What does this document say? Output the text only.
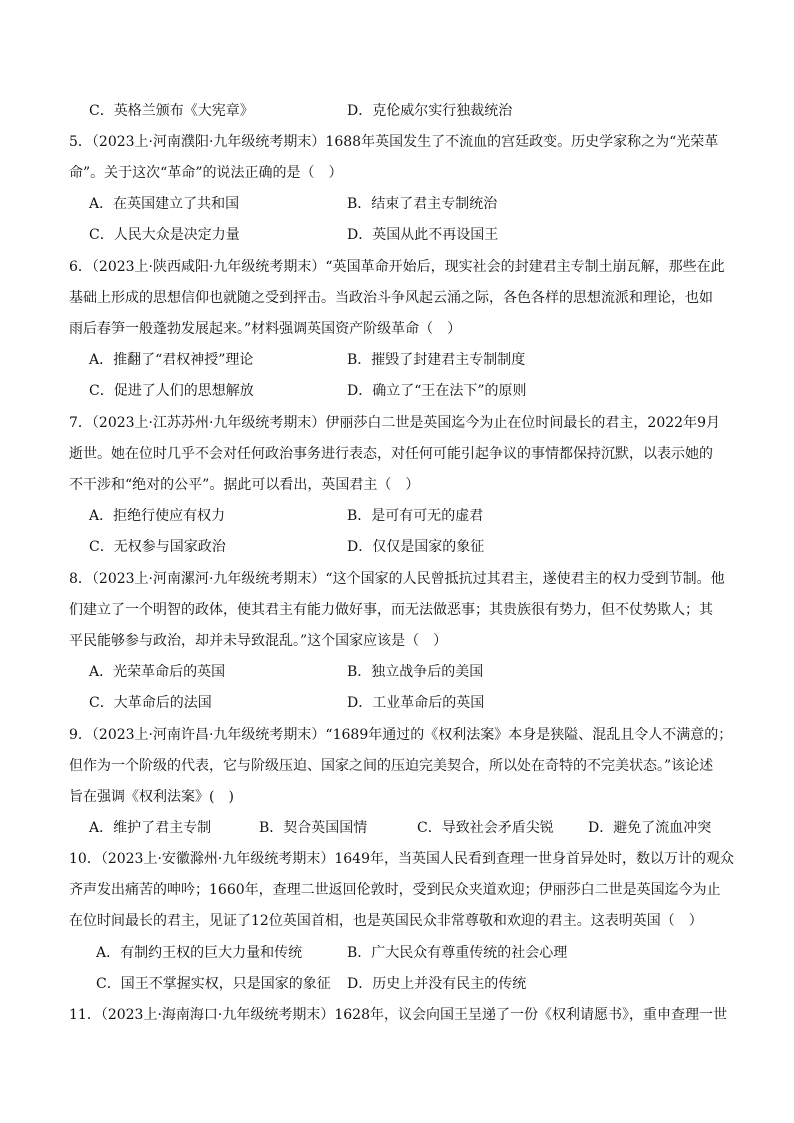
C．英格兰颁布《大宪章》	D．克伦威尔实行独裁统治
5．（2023上·河南濮阳·九年级统考期末）1688年英国发生了不流血的宫廷政变。历史学家称之为“光荣革
命”。关于这次“革命”的说法正确的是（　）
A．在英国建立了共和国	B．结束了君主专制统治
C．人民大众是决定力量	D．英国从此不再设国王
6．（2023上·陕西咸阳·九年级统考期末）“英国革命开始后，现实社会的封建君主专制土崩瓦解，那些在此
基础上形成的思想信仰也就随之受到抨击。当政治斗争风起云涌之际，各色各样的思想流派和理论，也如
雨后春笋一般蓬勃发展起来。”材料强调英国资产阶级革命（　）
A．推翻了“君权神授”理论	B．摧毁了封建君主专制制度
C．促进了人们的思想解放	D．确立了“王在法下”的原则
7．（2023上·江苏苏州·九年级统考期末）伊丽莎白二世是英国迄今为止在位时间最长的君主，2022年9月
逝世。她在位时几乎不会对任何政治事务进行表态，对任何可能引起争议的事情都保持沉默，以表示她的
不干涉和“绝对的公平”。据此可以看出，英国君主（　）
A．拒绝行使应有权力	B．是可有可无的虚君
C．无权参与国家政治	D．仅仅是国家的象征
8．（2023上·河南漯河·九年级统考期末）“这个国家的人民曾抵抗过其君主，遂使君主的权力受到节制。他
们建立了一个明智的政体，使其君主有能力做好事，而无法做恶事；其贵族很有势力，但不仗势欺人；其
平民能够参与政治，却并未导致混乱。”这个国家应该是（　）
A．光荣革命后的英国	B．独立战争后的美国
C．大革命后的法国	D．工业革命后的英国
9．（2023上·河南许昌·九年级统考期末）“1689年通过的《权利法案》本身是狭隘、混乱且令人不满意的；
但作为一个阶级的代表，它与阶级压迫、国家之间的压迫完美契合，所以处在奇特的不完美状态。”该论述
旨在强调《权利法案》(　)
A．维护了君主专制	B．契合英国国情	C．导致社会矛盾尖锐 D．避免了流血冲突
10．（2023上·安徽滁州·九年级统考期末）1649年，当英国人民看到查理一世身首异处时，数以万计的观众
齐声发出痛苦的呻吟；1660年，查理二世返回伦敦时，受到民众夹道欢迎；伊丽莎白二世是英国迄今为止
在位时间最长的君主，见证了12位英国首相，也是英国民众非常尊敬和欢迎的君主。这表明英国（　）
A．有制约王权的巨大力量和传统	B．广大民众有尊重传统的社会心理
C．国王不掌握实权，只是国家的象征 D．历史上并没有民主的传统
11．（2023上·海南海口·九年级统考期末）1628年，议会向国王呈递了一份《权利请愿书》，重申查理一世
